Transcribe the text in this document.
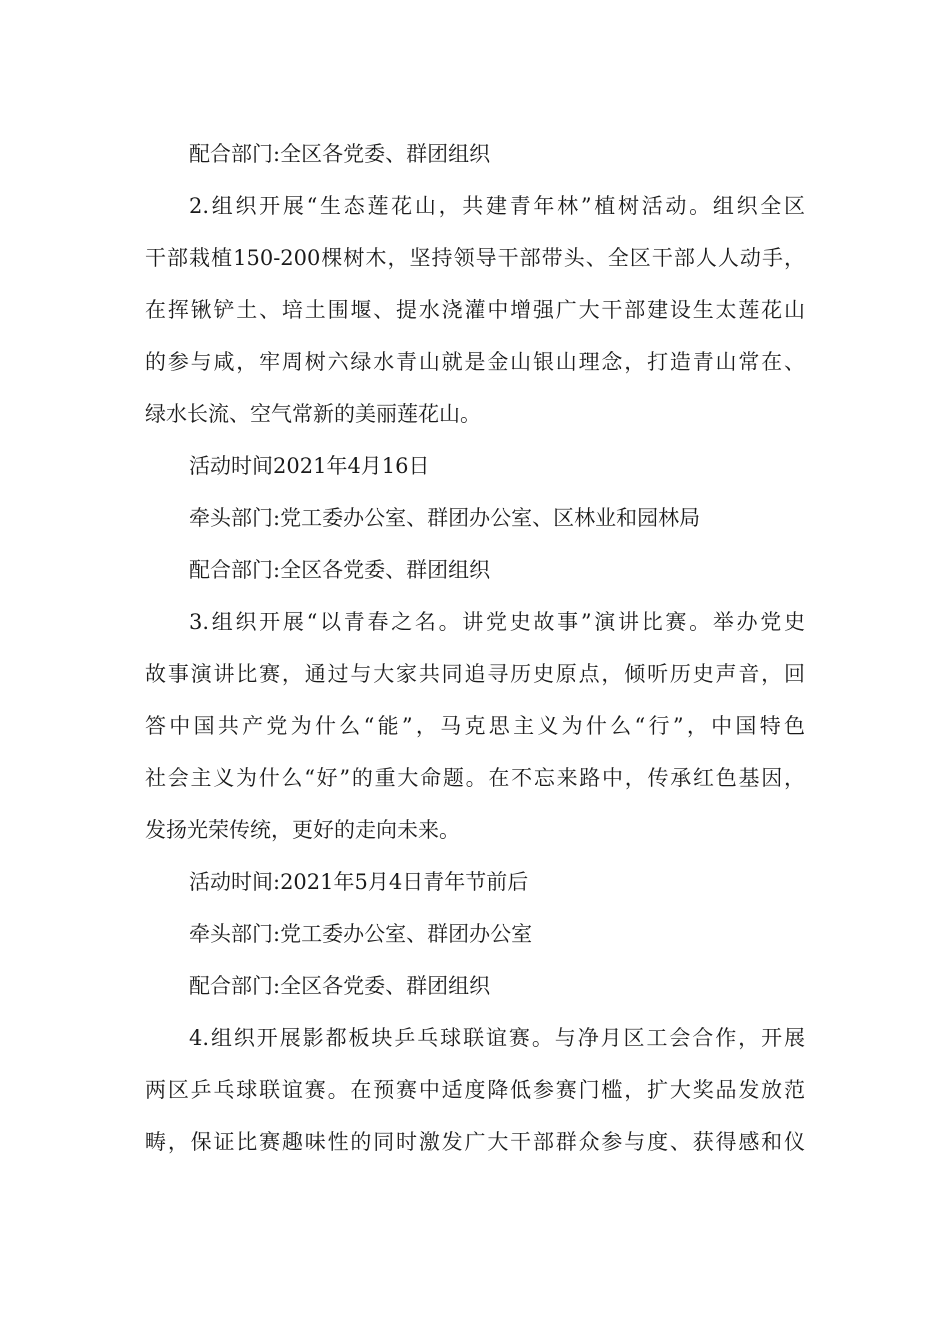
配合部门:全区各党委、群团组织
2.组织开展“生态莲花山，共建青年林”植树活动。组织全区
干部栽植150-200棵树木，坚持领导干部带头、全区干部人人动手，
在挥锹铲土、培土围堰、提水浇灌中增强广大干部建设生太莲花山
的参与咸，牢周树六绿水青山就是金山银山理念，打造青山常在、
绿水长流、空气常新的美丽莲花山。
活动时间2021年4月16日
牵头部门:党工委办公室、群团办公室、区林业和园林局
配合部门:全区各党委、群团组织
3.组织开展“以青春之名。讲党史故事”演讲比赛。举办党史
故事演讲比赛，通过与大家共同追寻历史原点，倾听历史声音，回
答中国共产党为什么“能”，马克思主义为什么“行”，中国特色
社会主义为什么“好”的重大命题。在不忘来路中，传承红色基因，
发扬光荣传统，更好的走向未来。
活动时间:2021年5月4日青年节前后
牵头部门:党工委办公室、群团办公室
配合部门:全区各党委、群团组织
4.组织开展影都板块乒乓球联谊赛。与净月区工会合作，开展
两区乒乓球联谊赛。在预赛中适度降低参赛门槛，扩大奖品发放范
畴，保证比赛趣味性的同时激发广大干部群众参与度、获得感和仪
